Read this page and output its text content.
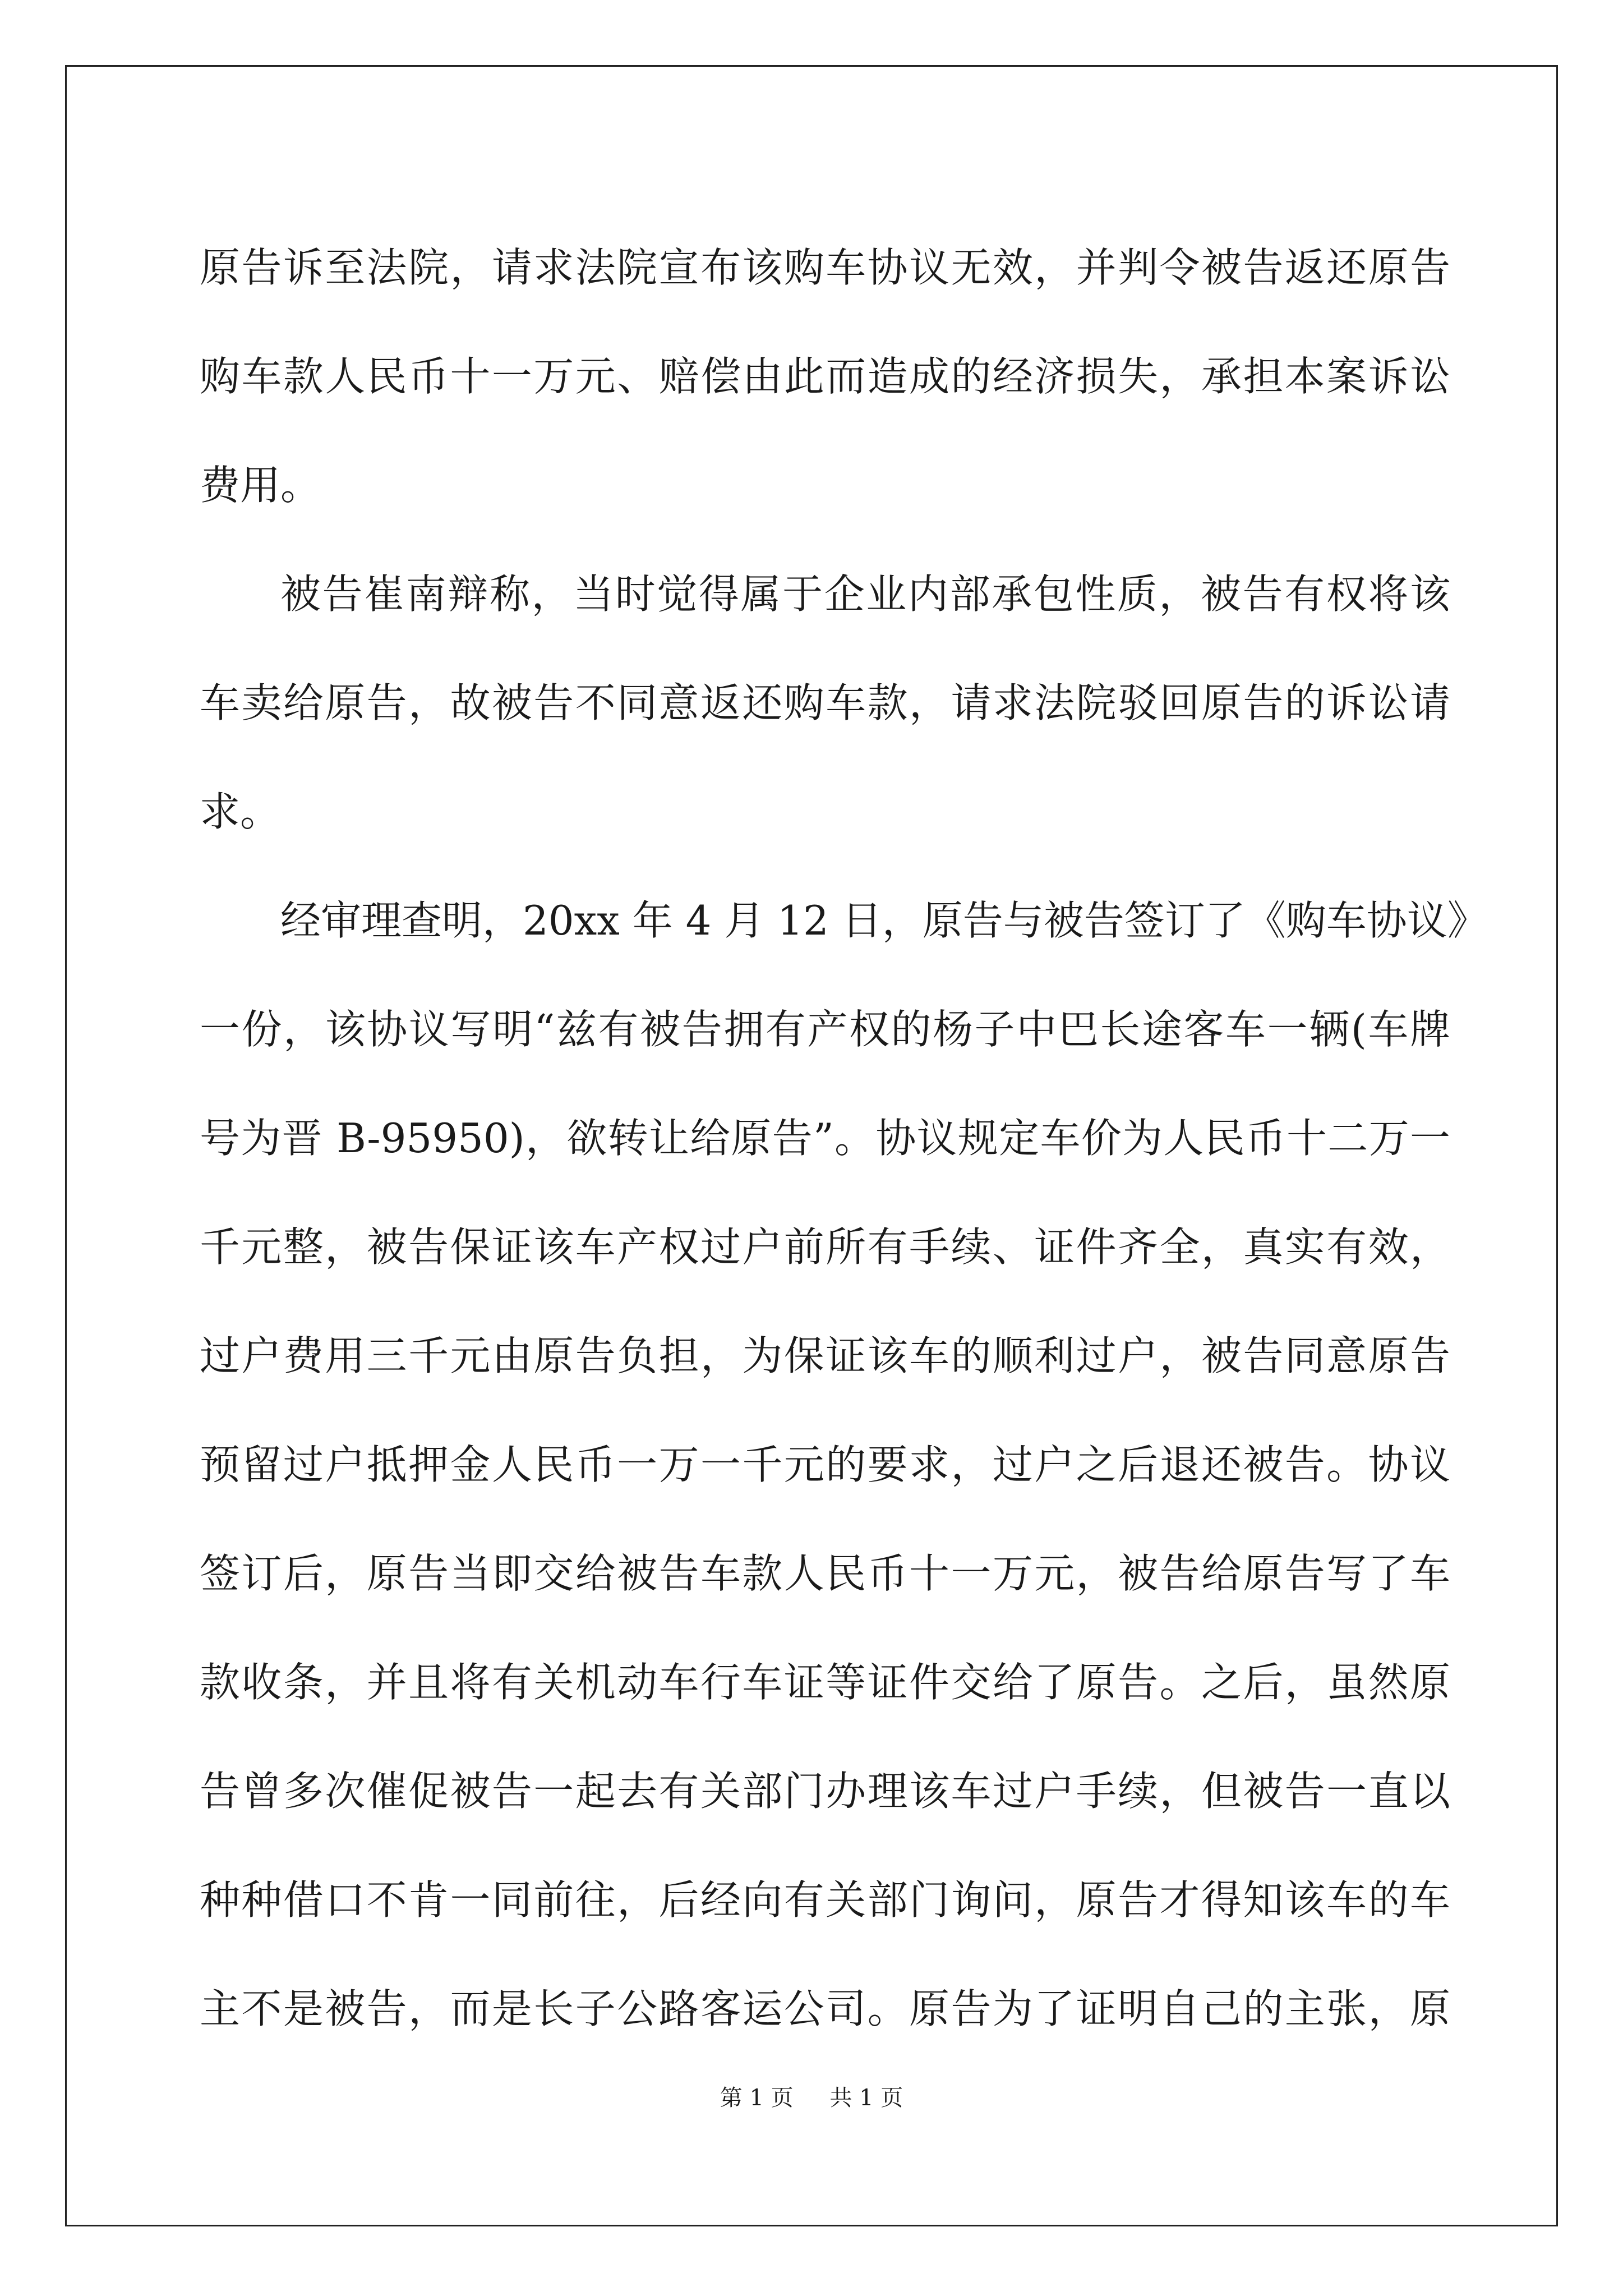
原告诉至法院，请求法院宣布该购车协议无效，并判令被告返还原告
购车款人民币十一万元、赔偿由此而造成的经济损失，承担本案诉讼
费用。
被告崔南辩称，当时觉得属于企业内部承包性质，被告有权将该
车卖给原告，故被告不同意返还购车款，请求法院驳回原告的诉讼请
求。
经审理查明，20xx 年 4 月 12 日，原告与被告签订了《购车协议》
一份，该协议写明“兹有被告拥有产权的杨子中巴长途客车一辆(车牌
号为晋 B-95950)，欲转让给原告”。协议规定车价为人民币十二万一
千元整，被告保证该车产权过户前所有手续、证件齐全，真实有效，
过户费用三千元由原告负担，为保证该车的顺利过户，被告同意原告
预留过户抵押金人民币一万一千元的要求，过户之后退还被告。协议
签订后，原告当即交给被告车款人民币十一万元，被告给原告写了车
款收条，并且将有关机动车行车证等证件交给了原告。之后，虽然原
告曾多次催促被告一起去有关部门办理该车过户手续，但被告一直以
种种借口不肯一同前往，后经向有关部门询问，原告才得知该车的车
主不是被告，而是长子公路客运公司。原告为了证明自己的主张，原
第 1 页 共 1 页
